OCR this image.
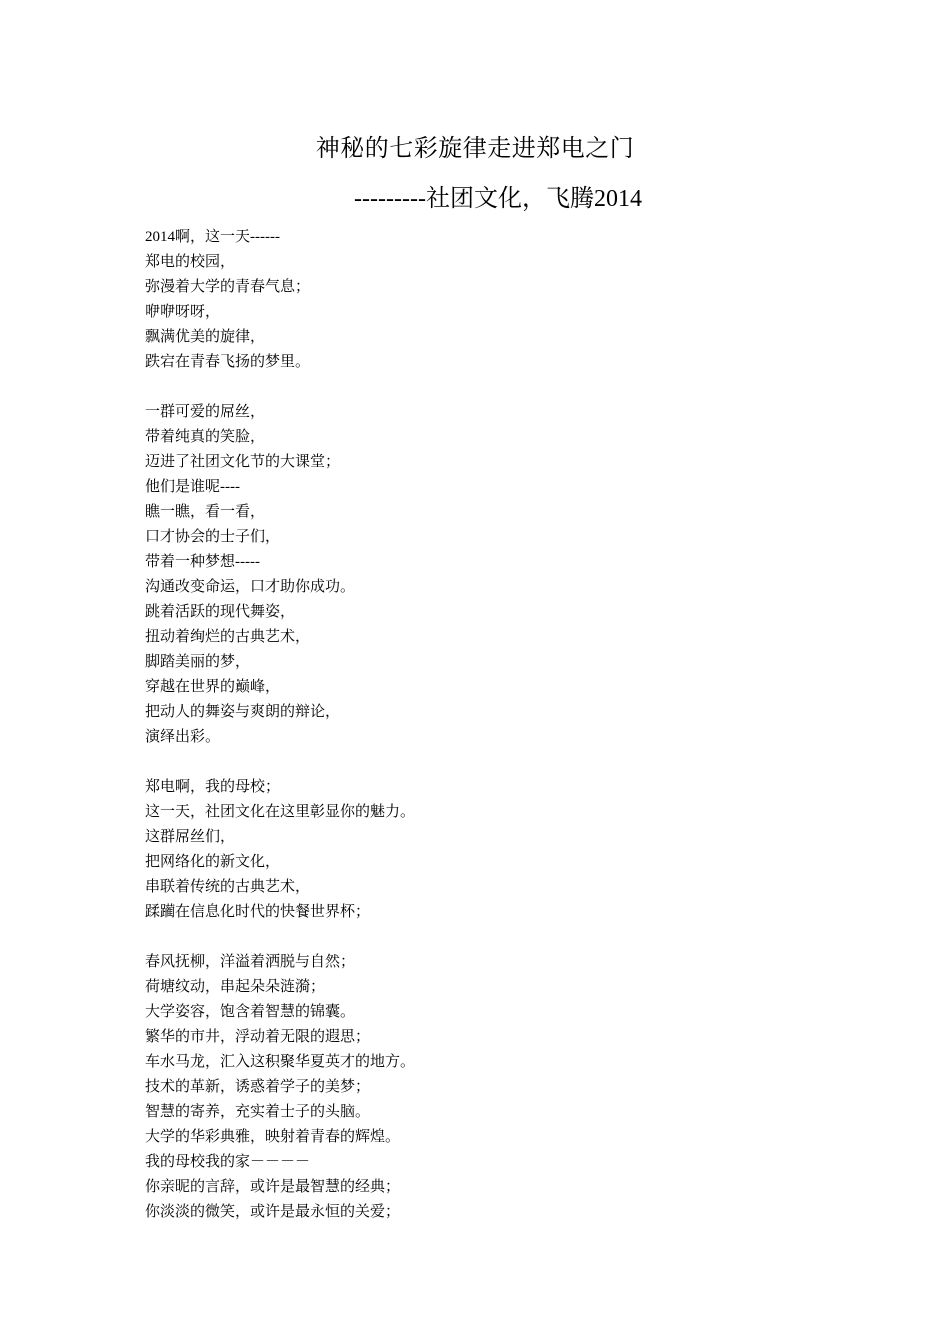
神秘的七彩旋律走进郑电之门
---------社团文化，飞腾2014
2014啊，这一天------
郑电的校园，
弥漫着大学的青春气息；
咿咿呀呀，
飘满优美的旋律，
跌宕在青春飞扬的梦里。
一群可爱的屌丝，
带着纯真的笑脸，
迈进了社团文化节的大课堂；
他们是谁呢----
瞧一瞧，看一看，
口才协会的士子们，
带着一种梦想-----
沟通改变命运，口才助你成功。
跳着活跃的现代舞姿，
扭动着绚烂的古典艺术，
脚踏美丽的梦，
穿越在世界的巅峰，
把动人的舞姿与爽朗的辩论，
演绎出彩。
郑电啊，我的母校；
这一天，社团文化在这里彰显你的魅力。
这群屌丝们，
把网络化的新文化，
串联着传统的古典艺术，
蹂躏在信息化时代的快餐世界杯；
春风抚柳，洋溢着洒脱与自然；
荷塘纹动，串起朵朵涟漪；
大学姿容，饱含着智慧的锦囊。
繁华的市井，浮动着无限的遐思；
车水马龙，汇入这积聚华夏英才的地方。
技术的革新，诱惑着学子的美梦；
智慧的寄养，充实着士子的头脑。
大学的华彩典雅，映射着青春的辉煌。
我的母校我的家－－－－
你亲昵的言辞，或许是最智慧的经典；
你淡淡的微笑，或许是最永恒的关爱；
